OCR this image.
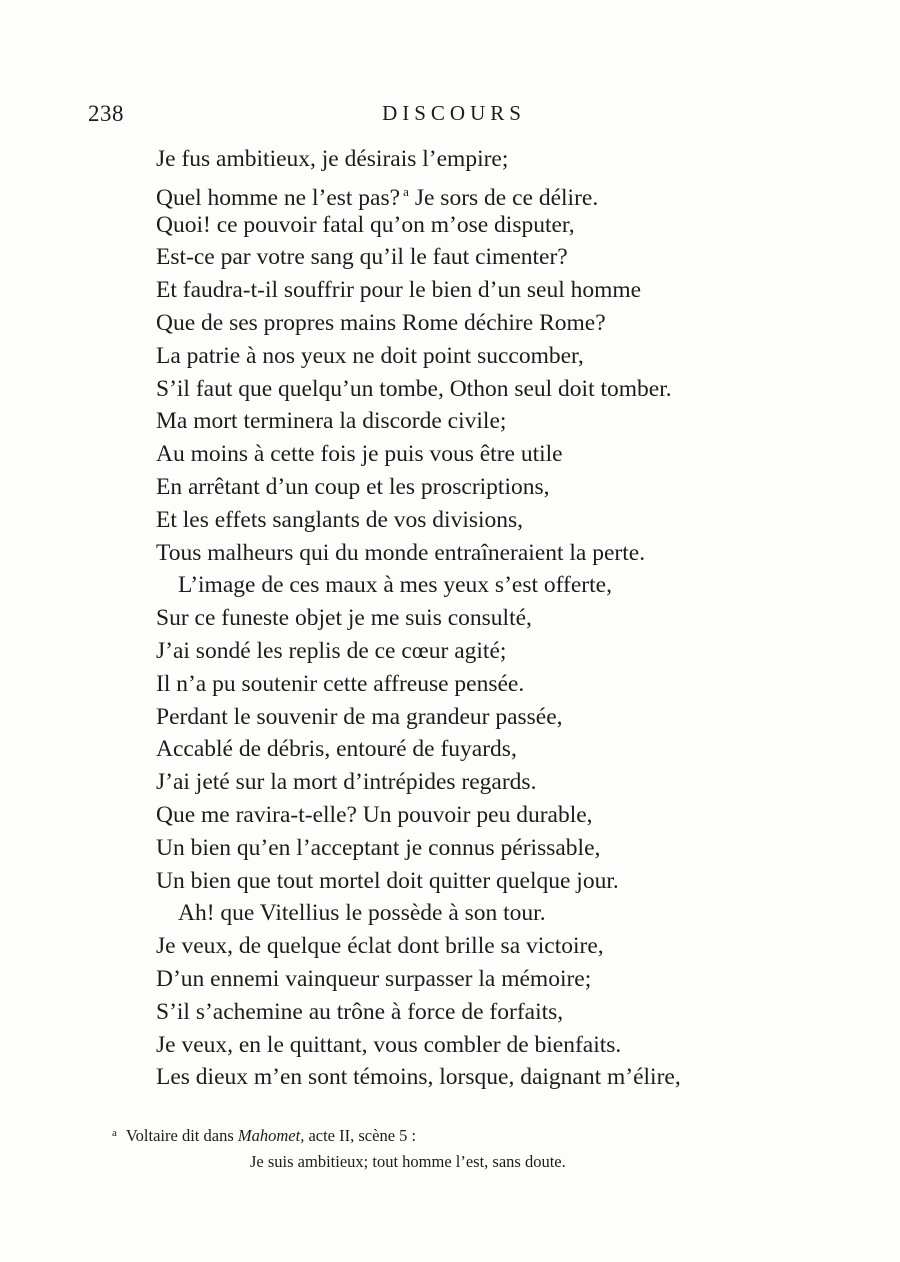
238	DISCOURS
Je fus ambitieux, je désirais l’empire;
Quel homme ne l’est pas? $^a$ Je sors de ce délire.
Quoi! ce pouvoir fatal qu’on m’ose disputer,
Est-ce par votre sang qu’il le faut cimenter?
Et faudra-t-il souffrir pour le bien d’un seul homme
Que de ses propres mains Rome déchire Rome?
La patrie à nos yeux ne doit point succomber,
S’il faut que quelqu’un tombe, Othon seul doit tomber.
Ma mort terminera la discorde civile;
Au moins à cette fois je puis vous être utile
En arrêtant d’un coup et les proscriptions,
Et les effets sanglants de vos divisions,
Tous malheurs qui du monde entraîneraient la perte.
L’image de ces maux à mes yeux s’est offerte,
Sur ce funeste objet je me suis consulté,
J’ai sondé les replis de ce cœur agité;
Il n’a pu soutenir cette affreuse pensée.
Perdant le souvenir de ma grandeur passée,
Accablé de débris, entouré de fuyards,
J’ai jeté sur la mort d’intrépides regards.
Que me ravira-t-elle? Un pouvoir peu durable,
Un bien qu’en l’acceptant je connus périssable,
Un bien que tout mortel doit quitter quelque jour.
Ah! que Vitellius le possède à son tour.
Je veux, de quelque éclat dont brille sa victoire,
D’un ennemi vainqueur surpasser la mémoire;
S’il s’achemine au trône à force de forfaits,
Je veux, en le quittant, vous combler de bienfaits.
Les dieux m’en sont témoins, lorsque, daignant m’élire,
a Voltaire dit dans Mahomet, acte II, scène 5 :
Je suis ambitieux; tout homme l’est, sans doute.
